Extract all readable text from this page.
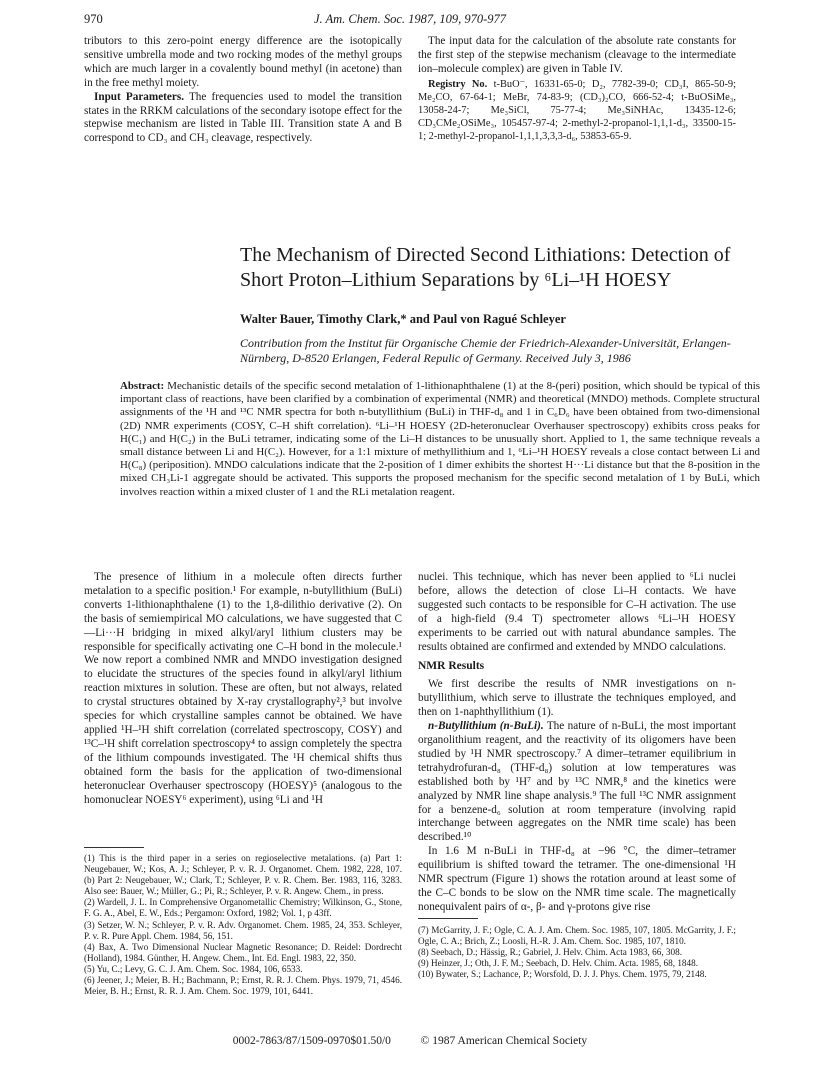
970	J. Am. Chem. Soc. 1987, 109, 970-977

tributors to this zero-point energy difference are the isotopically sensitive umbrella mode and two rocking modes of the methyl groups which are much larger in a covalently bound methyl (in acetone) than in the free methyl moiety.

Input Parameters. The frequencies used to model the transition states in the RRKM calculations of the secondary isotope effect for the stepwise mechanism are listed in Table III. Transition state A and B correspond to CD₃ and CH₃ cleavage, respectively.

The input data for the calculation of the absolute rate constants for the first step of the stepwise mechanism (cleavage to the intermediate ion–molecule complex) are given in Table IV.

Registry No. t-BuO⁻, 16331-65-0; D₂, 7782-39-0; CD₃I, 865-50-9; Me₂CO, 67-64-1; MeBr, 74-83-9; (CD₃)₂CO, 666-52-4; t-BuOSiMe₃, 13058-24-7; Me₃SiCl, 75-77-4; Me₃SiNHAc, 13435-12-6; CD₃CMe₂OSiMe₃, 105457-97-4; 2-methyl-2-propanol-1,1,1-d₃, 33500-15-1; 2-methyl-2-propanol-1,1,1,3,3,3-d₆, 53853-65-9.

The Mechanism of Directed Second Lithiations: Detection of Short Proton–Lithium Separations by ⁶Li–¹H HOESY
Walter Bauer, Timothy Clark,* and Paul von Ragué Schleyer
Contribution from the Institut für Organische Chemie der Friedrich-Alexander-Universität, Erlangen-Nürnberg, D-8520 Erlangen, Federal Repulic of Germany. Received July 3, 1986
Abstract: Mechanistic details of the specific second metalation of 1-lithionaphthalene (1) at the 8-(peri) position, which should be typical of this important class of reactions, have been clarified by a combination of experimental (NMR) and theoretical (MNDO) methods. Complete structural assignments of the ¹H and ¹³C NMR spectra for both n-butyllithium (BuLi) in THF-d₈ and 1 in C₆D₆ have been obtained from two-dimensional (2D) NMR experiments (COSY, C–H shift correlation). ⁶Li–¹H HOESY (2D-heteronuclear Overhauser spectroscopy) exhibits cross peaks for H(C₁) and H(C₂) in the BuLi tetramer, indicating some of the Li–H distances to be unusually short. Applied to 1, the same technique reveals a small distance between Li and H(C₂). However, for a 1:1 mixture of methyllithium and 1, ⁶Li–¹H HOESY reveals a close contact between Li and H(C₈) (periposition). MNDO calculations indicate that the 2-position of 1 dimer exhibits the shortest H···Li distance but that the 8-position in the mixed CH₃Li-1 aggregate should be activated. This supports the proposed mechanism for the specific second metalation of 1 by BuLi, which involves reaction within a mixed cluster of 1 and the RLi metalation reagent.

The presence of lithium in a molecule often directs further metalation to a specific position.¹ For example, n-butyllithium (BuLi) converts 1-lithionaphthalene (1) to the 1,8-dilithio derivative (2). On the basis of semiempirical MO calculations, we have suggested that C—Li···H bridging in mixed alkyl/aryl lithium clusters may be responsible for specifically activating one C–H bond in the molecule.¹ We now report a combined NMR and MNDO investigation designed to elucidate the structures of the species found in alkyl/aryl lithium reaction mixtures in solution. These are often, but not always, related to crystal structures obtained by X-ray crystallography²,³ but involve species for which crystalline samples cannot be obtained. We have applied ¹H–¹H shift correlation (correlated spectroscopy, COSY) and ¹³C–¹H shift correlation spectroscopy⁴ to assign completely the spectra of the lithium compounds investigated. The ¹H chemical shifts thus obtained form the basis for the application of two-dimensional heteronuclear Overhauser spectroscopy (HOESY)⁵ (analogous to the homonuclear NOESY⁶ experiment), using ⁶Li and ¹H

(1) This is the third paper in a series on regioselective metalations. (a) Part 1: Neugebauer, W.; Kos, A. J.; Schleyer, P. v. R. J. Organomet. Chem. 1982, 228, 107. (b) Part 2: Neugebauer, W.; Clark, T.; Schleyer, P. v. R. Chem. Ber. 1983, 116, 3283. Also see: Bauer, W.; Müller, G.; Pi, R.; Schleyer, P. v. R. Angew. Chem., in press.

(2) Wardell, J. L. In Comprehensive Organometallic Chemistry; Wilkinson, G., Stone, F. G. A., Abel, E. W., Eds.; Pergamon: Oxford, 1982; Vol. 1, p 43ff.

(3) Setzer, W. N.; Schleyer, P. v. R. Adv. Organomet. Chem. 1985, 24, 353. Schleyer, P. v. R. Pure Appl. Chem. 1984, 56, 151.

(4) Bax, A. Two Dimensional Nuclear Magnetic Resonance; D. Reidel: Dordrecht (Holland), 1984. Günther, H. Angew. Chem., Int. Ed. Engl. 1983, 22, 350.

(5) Yu, C.; Levy, G. C. J. Am. Chem. Soc. 1984, 106, 6533.

(6) Jeener, J.; Meier, B. H.; Bachmann, P.; Ernst, R. R. J. Chem. Phys. 1979, 71, 4546. Meier, B. H.; Ernst, R. R. J. Am. Chem. Soc. 1979, 101, 6441.

nuclei. This technique, which has never been applied to ⁶Li nuclei before, allows the detection of close Li–H contacts. We have suggested such contacts to be responsible for C–H activation. The use of a high-field (9.4 T) spectrometer allows ⁶Li–¹H HOESY experiments to be carried out with natural abundance samples. The results obtained are confirmed and extended by MNDO calculations.

NMR Results

We first describe the results of NMR investigations on n-butyllithium, which serve to illustrate the techniques employed, and then on 1-naphthyllithium (1).

n-Butyllithium (n-BuLi). The nature of n-BuLi, the most important organolithium reagent, and the reactivity of its oligomers have been studied by ¹H NMR spectroscopy.⁷ A dimer–tetramer equilibrium in tetrahydrofuran-d₈ (THF-d₈) solution at low temperatures was established both by ¹H⁷ and by ¹³C NMR,⁸ and the kinetics were analyzed by NMR line shape analysis.⁹ The full ¹³C NMR assignment for a benzene-d₆ solution at room temperature (involving rapid interchange between aggregates on the NMR time scale) has been described.¹⁰

In 1.6 M n-BuLi in THF-d₈ at −96 °C, the dimer–tetramer equilibrium is shifted toward the tetramer. The one-dimensional ¹H NMR spectrum (Figure 1) shows the rotation around at least some of the C–C bonds to be slow on the NMR time scale. The magnetically nonequivalent pairs of α-, β- and γ-protons give rise

(7) McGarrity, J. F.; Ogle, C. A. J. Am. Chem. Soc. 1985, 107, 1805. McGarrity, J. F.; Ogle, C. A.; Brich, Z.; Loosli, H.-R. J. Am. Chem. Soc. 1985, 107, 1810.

(8) Seebach, D.; Hässig, R.; Gabriel, J. Helv. Chim. Acta 1983, 66, 308.

(9) Heinzer, J.; Oth, J. F. M.; Seebach, D. Helv. Chim. Acta. 1985, 68, 1848.

(10) Bywater, S.; Lachance, P.; Worsfold, D. J. J. Phys. Chem. 1975, 79, 2148.

0002-7863/87/1509-0970$01.50/0	© 1987 American Chemical Society
